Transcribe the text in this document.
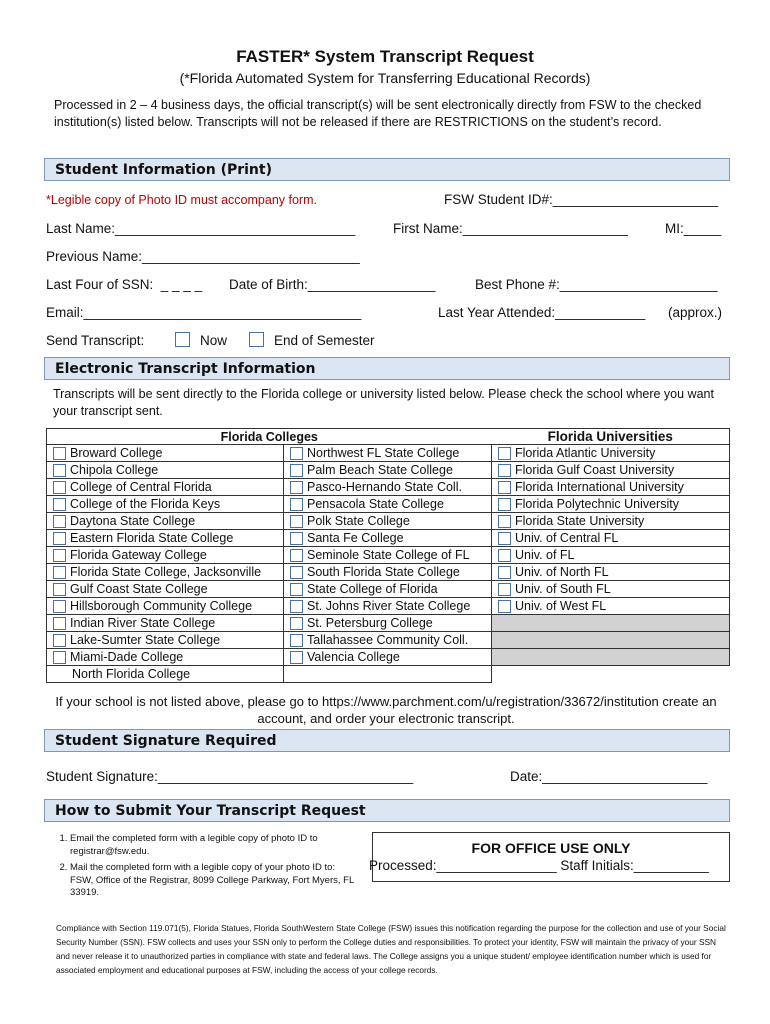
FASTER* System Transcript Request
(*Florida Automated System for Transferring Educational Records)
Processed in 2 – 4 business days, the official transcript(s) will be sent electronically directly from FSW to the checked institution(s) listed below. Transcripts will not be released if there are RESTRICTIONS on the student’s record.
Student Information (Print)
*Legible copy of Photo ID must accompany form.	FSW Student ID#:______________________
Last Name:________________________________	First Name:______________________	MI:_____
Previous Name:_____________________________
Last Four of SSN:  _ _ _ _ Date of Birth:_________________	Best Phone #:_____________________
Email:_____________________________________	Last Year Attended:____________ (approx.)
Send Transcript:	Now	End of Semester
Electronic Transcript Information
Transcripts will be sent directly to the Florida college or university listed below. Please check the school where you want your transcript sent.
Florida Colleges		Florida Universities

Broward College	Northwest FL State College	Florida Atlantic University

Chipola College	Palm Beach State College	Florida Gulf Coast University

College of Central Florida	Pasco-Hernando State Coll.	Florida International University

College of the Florida Keys	Pensacola State College	Florida Polytechnic University

Daytona State College	Polk State College	Florida State University

Eastern Florida State College	Santa Fe College	Univ. of Central FL

Florida Gateway College	Seminole State College of FL	Univ. of FL

Florida State College, Jacksonville	South Florida State College	Univ. of North FL

Gulf Coast State College	State College of Florida	Univ. of South FL

Hillsborough Community College	St. Johns River State College	Univ. of West FL

Indian River State College	St. Petersburg College	

Lake-Sumter State College	Tallahassee Community Coll.	

Miami-Dade College	Valencia College	

North Florida College		

If your school is not listed above, please go to https://www.parchment.com/u/registration/33672/institution create an account, and order your electronic transcript.
Student Signature Required
Student Signature:__________________________________	Date:______________________
How to Submit Your Transcript Request
1. Email the completed form with a legible copy of photo ID to registrar@fsw.edu.
2. Mail the completed form with a legible copy of your photo ID to: FSW, Office of the Registrar, 8099 College Parkway, Fort Myers, FL 33919.
FOR OFFICE USE ONLY
Processed:________________ Staff Initials:__________
Compliance with Section 119.071(5), Florida Statues, Florida SouthWestern State College (FSW) issues this notification regarding the purpose for the collection and use of your Social Security Number (SSN). FSW collects and uses your SSN only to perform the College duties and responsibilities. To protect your identity, FSW will maintain the privacy of your SSN and never release it to unauthorized parties in compliance with state and federal laws. The College assigns you a unique student/ employee identification number which is used for associated employment and educational purposes at FSW, including the access of your college records.
